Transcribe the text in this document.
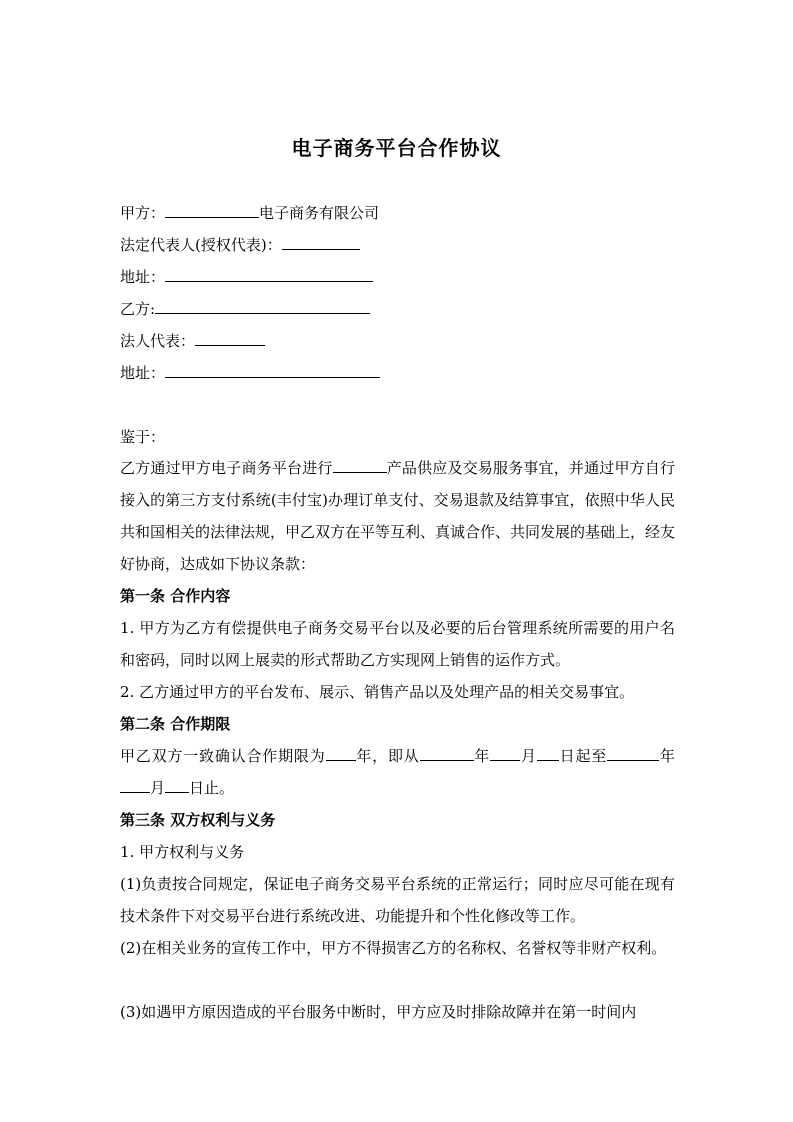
电子商务平台合作协议
甲方：	电子商务有限公司
法定代表人(授权代表)：
地址：
乙方:
法人代表：
地址：
鉴于：
乙方通过甲方电子商务平台进行	产品供应及交易服务事宜，并通过甲方自行接入的第三方支付系统(丰付宝)办理订单支付、交易退款及结算事宜，依照中华人民共和国相关的法律法规，甲乙双方在平等互利、真诚合作、共同发展的基础上，经友好协商，达成如下协议条款：
第一条 合作内容
1. 甲方为乙方有偿提供电子商务交易平台以及必要的后台管理系统所需要的用户名和密码，同时以网上展卖的形式帮助乙方实现网上销售的运作方式。
2. 乙方通过甲方的平台发布、展示、销售产品以及处理产品的相关交易事宜。
第二条 合作期限
甲乙双方一致确认合作期限为 年，即从	年 月 日起至	年月 日止。
第三条 双方权利与义务
1. 甲方权利与义务
(1)负责按合同规定，保证电子商务交易平台系统的正常运行；同时应尽可能在现有技术条件下对交易平台进行系统改进、功能提升和个性化修改等工作。
(2)在相关业务的宣传工作中，甲方不得损害乙方的名称权、名誉权等非财产权利。
(3)如遇甲方原因造成的平台服务中断时，甲方应及时排除故障并在第一时间内
